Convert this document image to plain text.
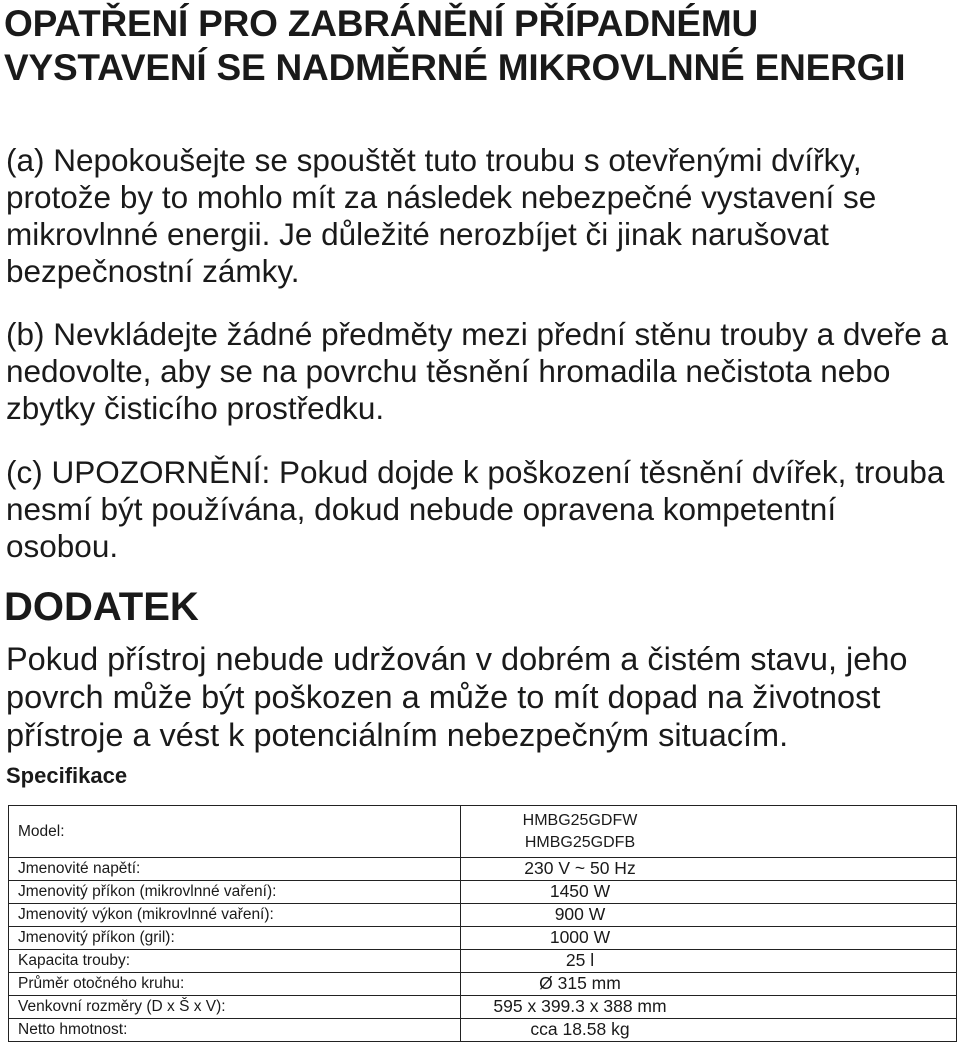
OPATŘENÍ PRO ZABRÁNĚNÍ PŘÍPADNÉMU VYSTAVENÍ SE NADMĚRNÉ MIKROVLNNÉ ENERGII

(a) Nepokoušejte se spouštět tuto troubu s otevřenými dvířky, protože by to mohlo mít za následek nebezpečné vystavení se mikrovlnné energii. Je důležité nerozbíjet či jinak narušovat bezpečnostní zámky.

(b) Nevkládejte žádné předměty mezi přední stěnu trouby a dveře a nedovolte, aby se na povrchu těsnění hromadila nečistota nebo zbytky čisticího prostředku.

(c) UPOZORNĚNÍ: Pokud dojde k poškození těsnění dvířek, trouba nesmí být používána, dokud nebude opravena kompetentní osobou.

DODATEK

Pokud přístroj nebude udržován v dobrém a čistém stavu, jeho povrch může být poškozen a může to mít dopad na životnost přístroje a vést k potenciálním nebezpečným situacím.

Specifikace
Model:	HMBG25GDFW
HMBG25GDFB

Jmenovité napětí:	230 V ~ 50 Hz
Jmenovitý příkon (mikrovlnné vaření):	1450 W
Jmenovitý výkon (mikrovlnné vaření):	900 W
Jmenovitý příkon (gril):	1000 W
Kapacita trouby:	25 l
Průměr otočného kruhu:	Ø 315 mm
Venkovní rozměry (D x Š x V):	595 x 399.3 x 388 mm
Netto hmotnost:	cca 18.58 kg
